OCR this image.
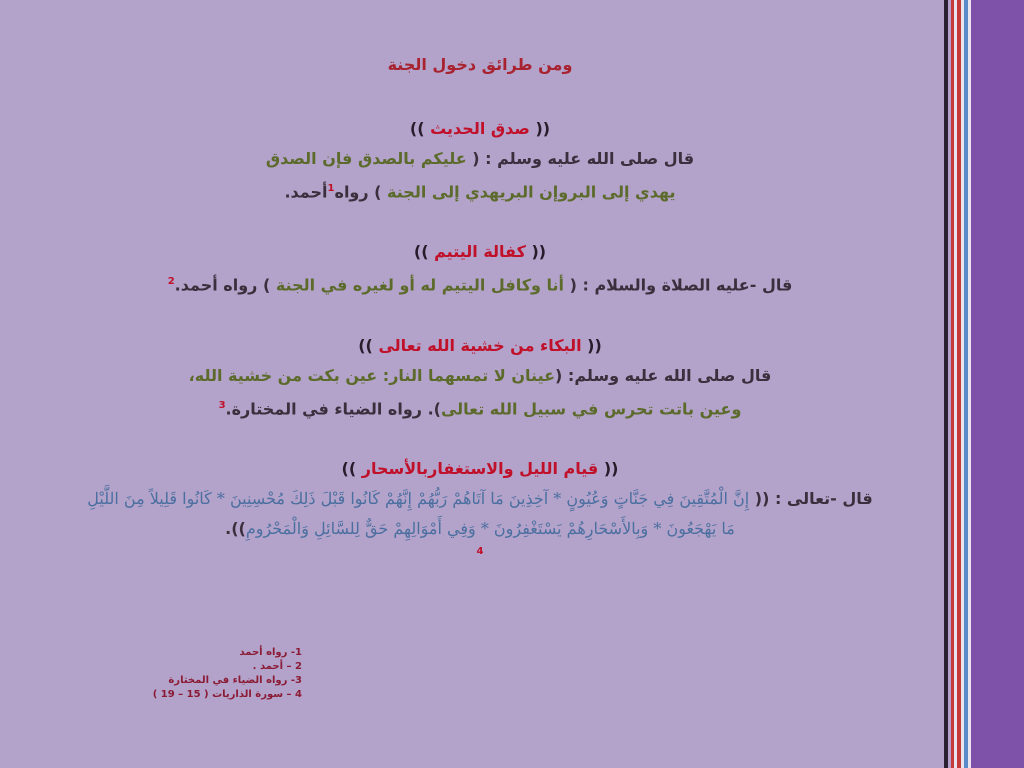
ومن طرائق دخول الجنة

(( صدق الحديث ))

قال صلى الله عليه وسلم : ( عليكم بالصدق فإن الصدق

يهدي إلى البروإن البريهدي إلى الجنة ) رواه$^1$أحمد.

(( كفالة اليتيم ))

قال -عليه الصلاة والسلام : ( أنا وكافل اليتيم له أو لغيره في الجنة ) رواه أحمد.$^2$

(( البكاء من خشية الله تعالى ))

قال صلى الله عليه وسلم: (عينان لا تمسهما النار: عين بكت من خشية الله،

وعين باتت تحرس في سبيل الله تعالى). رواه الضياء في المختارة.$^3$

(( قيام الليل والاستغفاربالأسحار ))

قال -تعالى : (( إِنَّ الْمُتَّقِينَ فِي جَنَّاتٍ وَعُيُونٍ * آخِذِينَ مَا آتَاهُمْ رَبُّهُمْ إِنَّهُمْ كَانُوا قَبْلَ ذَلِكَ مُحْسِنِينَ * كَانُوا قَلِيلاً مِنَ اللَّيْلِ

مَا يَهْجَعُونَ * وَبِالأَسْحَارِهُمْ يَسْتَغْفِرُونَ * وَفِي أَمْوَالِهِمْ حَقٌّ لِلسَّائِلِ وَالْمَحْرُومِ)).

4

1- رواه أحمد
2 – أحمد .
3- رواه الضياء في المختارة
4 – سورة الذاريات ( 15 – 19 )
